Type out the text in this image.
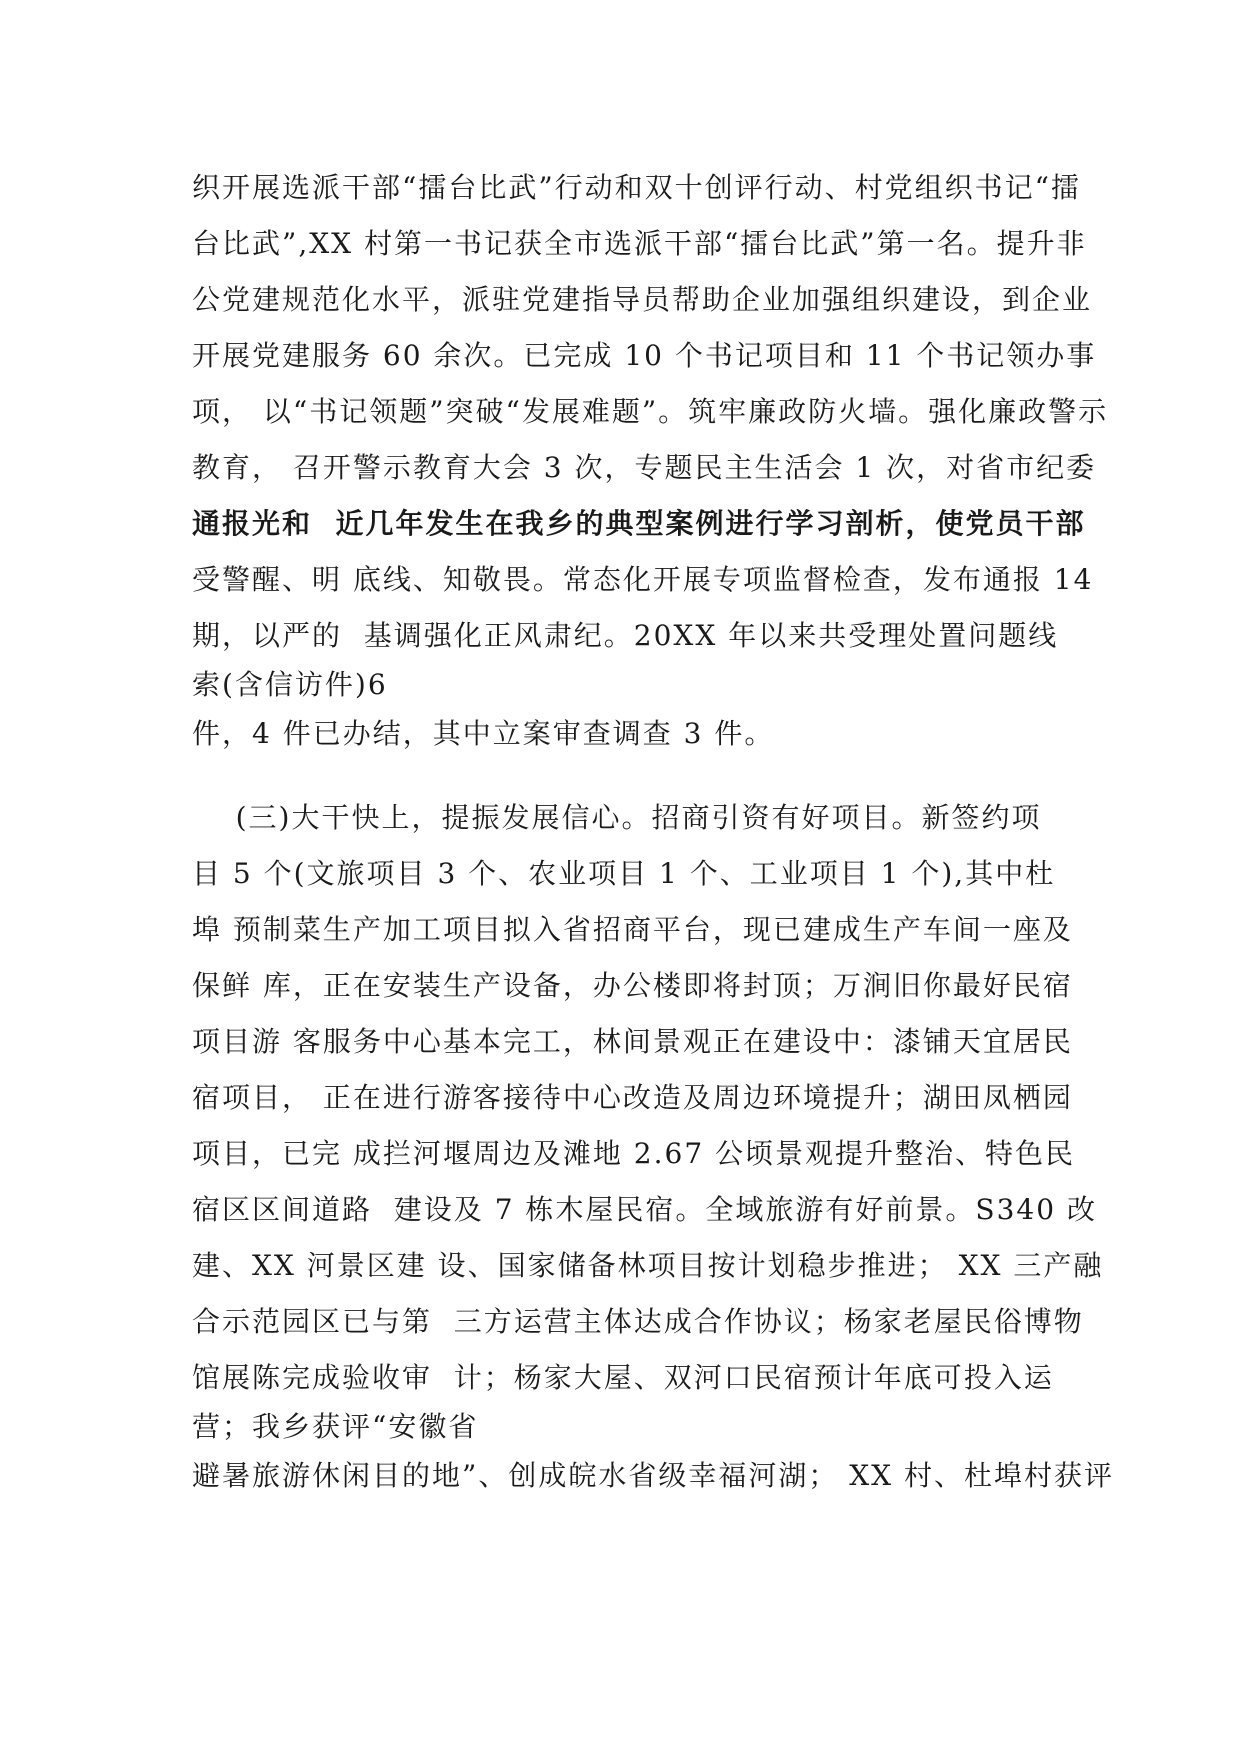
织开展选派干部“擂台比武”行动和双十创评行动、村党组织书记“擂
台比武”,XX 村第一书记获全市选派干部“擂台比武”第一名。提升非
公党建规范化水平，派驻党建指导员帮助企业加强组织建设，到企业
开展党建服务 60 余次。已完成 10 个书记项目和 11 个书记领办事
项， 以“书记领题”突破“发展难题”。筑牢廉政防火墙。强化廉政警示
教育， 召开警示教育大会 3 次，专题民主生活会 1 次，对省市纪委
通报光和  近几年发生在我乡的典型案例进行学习剖析，使党员干部
受警醒、明 底线、知敬畏。常态化开展专项监督检查，发布通报 14
期，以严的  基调强化正风肃纪。20XX 年以来共受理处置问题线
索(含信访件)6
件，4 件已办结，其中立案审查调查 3 件。
(三)大干快上，提振发展信心。招商引资有好项目。新签约项
目 5 个(文旅项目 3 个、农业项目 1 个、工业项目 1 个),其中杜
埠 预制菜生产加工项目拟入省招商平台，现已建成生产车间一座及
保鲜 库，正在安装生产设备，办公楼即将封顶；万涧旧你最好民宿
项目游 客服务中心基本完工，林间景观正在建设中：漆铺天宜居民
宿项目， 正在进行游客接待中心改造及周边环境提升；湖田凤栖园
项目，已完 成拦河堰周边及滩地 2.67 公顷景观提升整治、特色民
宿区区间道路  建设及 7 栋木屋民宿。全域旅游有好前景。S340 改
建、XX 河景区建 设、国家储备林项目按计划稳步推进； XX 三产融
合示范园区已与第  三方运营主体达成合作协议；杨家老屋民俗博物
馆展陈完成验收审  计；杨家大屋、双河口民宿预计年底可投入运
营；我乡获评“安徽省
避暑旅游休闲目的地”、创成皖水省级幸福河湖； XX 村、杜埠村获评
